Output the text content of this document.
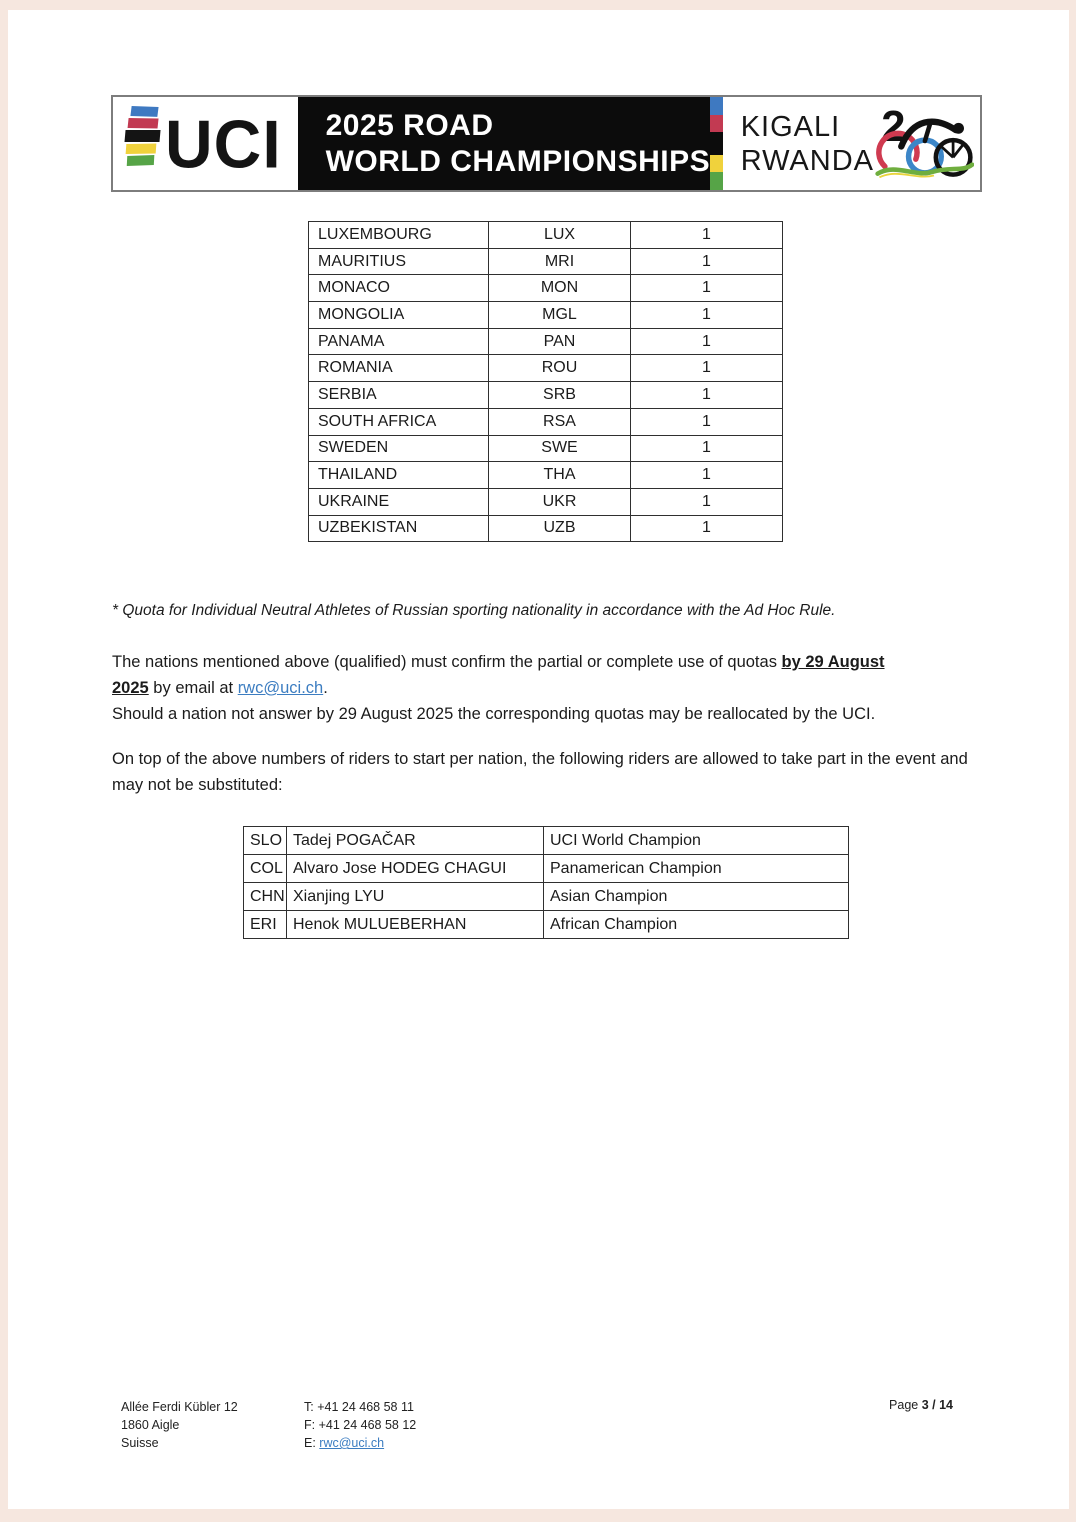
UCI 2025 ROAD
WORLD CHAMPIONSHIPS
KIGALI
RWANDA
2
LUXEMBOURG	LUX	1
MAURITIUS	MRI	1
MONACO	MON	1
MONGOLIA	MGL	1
PANAMA	PAN	1
ROMANIA	ROU	1
SERBIA	SRB	1
SOUTH AFRICA	RSA	1
SWEDEN	SWE	1
THAILAND	THA	1
UKRAINE	UKR	1
UZBEKISTAN	UZB	1
* Quota for Individual Neutral Athletes of Russian sporting nationality in accordance with the Ad Hoc Rule.
The nations mentioned above (qualified) must confirm the partial or complete use of quotas by 29 August
2025 by email at rwc@uci.ch.
Should a nation not answer by 29 August 2025 the corresponding quotas may be reallocated by the UCI.
On top of the above numbers of riders to start per nation, the following riders are allowed to take part in the event and may not be substituted:
SLO	Tadej POGAČAR	UCI World Champion
COL	Alvaro Jose HODEG CHAGUI	Panamerican Champion
CHN	Xianjing LYU	Asian Champion
ERI	Henok MULUEBERHAN	African Champion
Allée Ferdi Kübler 12
1860 Aigle
Suisse
T: +41 24 468 58 11
F: +41 24 468 58 12
E: rwc@uci.ch
Page 3 / 14
